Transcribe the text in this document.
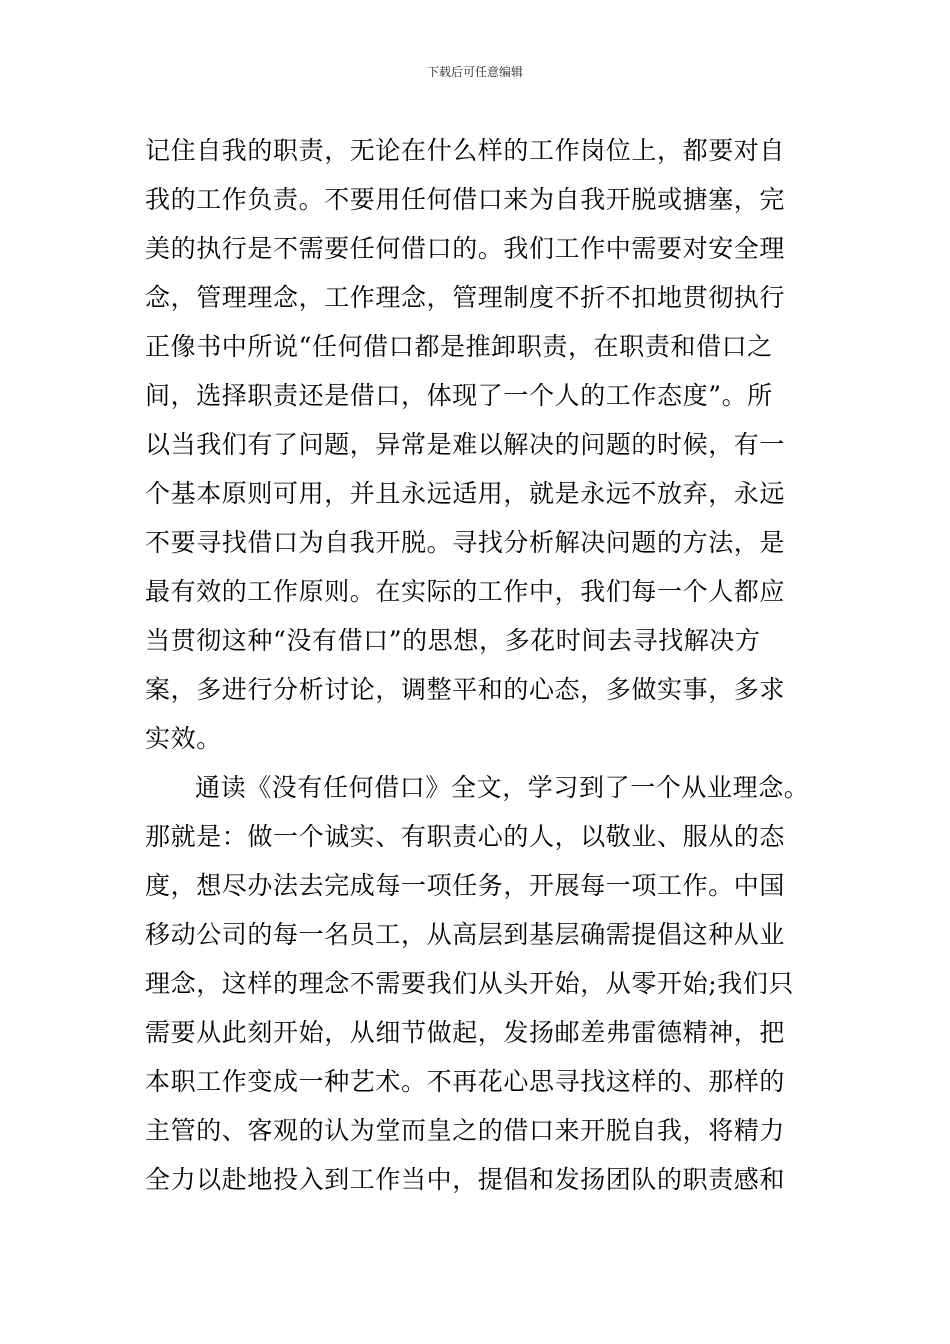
下载后可任意编辑
记住自我的职责，无论在什么样的工作岗位上，都要对自
我的工作负责。不要用任何借口来为自我开脱或搪塞，完
美的执行是不需要任何借口的。我们工作中需要对安全理
念，管理理念，工作理念，管理制度不折不扣地贯彻执行
正像书中所说“任何借口都是推卸职责，在职责和借口之
间，选择职责还是借口，体现了一个人的工作态度”。所
以当我们有了问题，异常是难以解决的问题的时候，有一
个基本原则可用，并且永远适用，就是永远不放弃，永远
不要寻找借口为自我开脱。寻找分析解决问题的方法，是
最有效的工作原则。在实际的工作中，我们每一个人都应
当贯彻这种“没有借口”的思想，多花时间去寻找解决方
案，多进行分析讨论，调整平和的心态，多做实事，多求
实效。
通读《没有任何借口》全文，学习到了一个从业理念。
那就是：做一个诚实、有职责心的人，以敬业、服从的态
度，想尽办法去完成每一项任务，开展每一项工作。中国
移动公司的每一名员工，从高层到基层确需提倡这种从业
理念，这样的理念不需要我们从头开始，从零开始;我们只
需要从此刻开始，从细节做起，发扬邮差弗雷德精神，把
本职工作变成一种艺术。不再花心思寻找这样的、那样的
主管的、客观的认为堂而皇之的借口来开脱自我，将精力
全力以赴地投入到工作当中，提倡和发扬团队的职责感和
